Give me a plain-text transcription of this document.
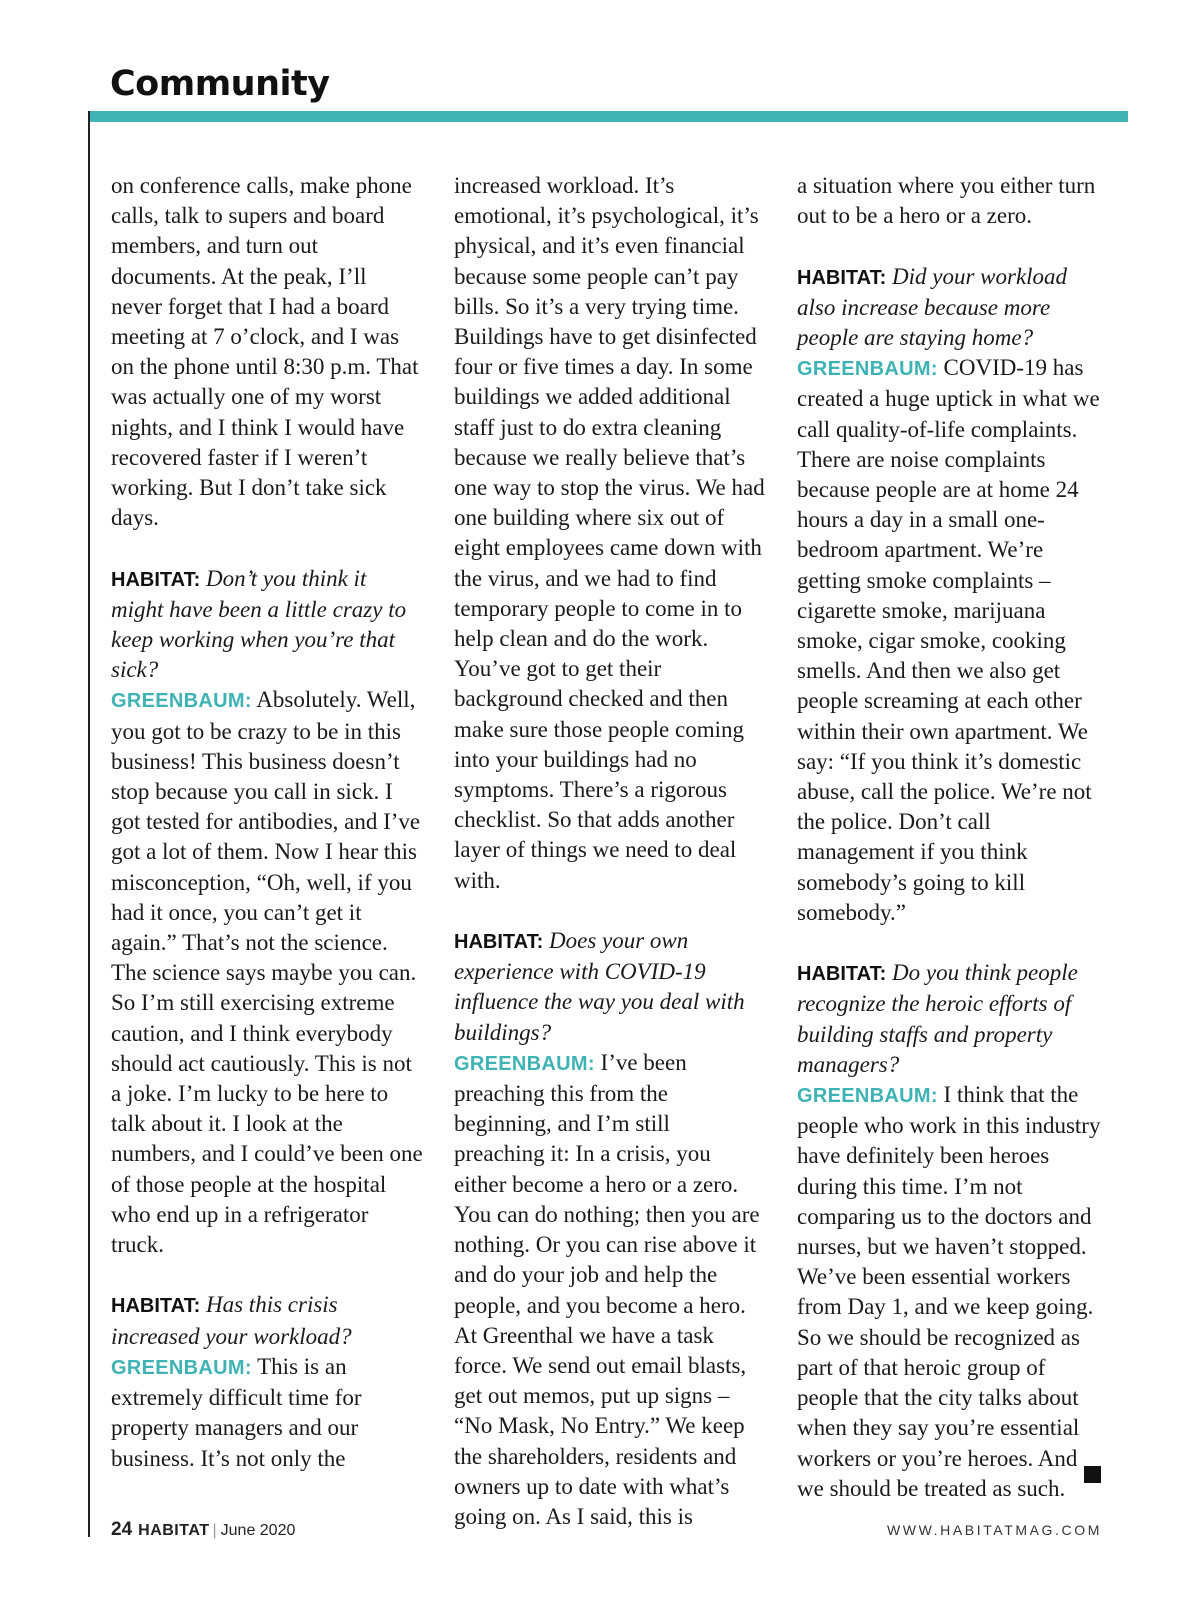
Community

on conference calls, make phone calls, talk to supers and board members, and turn out documents. At the peak, I’ll never forget that I had a board meeting at 7 o’clock, and I was on the phone until 8:30 p.m. That was actually one of my worst nights, and I think I would have recovered faster if I weren’t working. But I don’t take sick days.

HABITAT: Don’t you think it might have been a little crazy to keep working when you’re that sick?

GREENBAUM: Absolutely. Well, you got to be crazy to be in this business! This business doesn’t stop because you call in sick. I got tested for antibodies, and I’ve got a lot of them. Now I hear this misconception, “Oh, well, if you had it once, you can’t get it again.” That’s not the science. The science says maybe you can. So I’m still exercising extreme caution, and I think everybody should act cautiously. This is not a joke. I’m lucky to be here to talk about it. I look at the numbers, and I could’ve been one of those people at the hospital who end up in a refrigerator truck.

HABITAT: Has this crisis increased your workload?

GREENBAUM: This is an extremely difficult time for property managers and our business. It’s not only the

increased workload. It’s emotional, it’s psychological, it’s physical, and it’s even financial because some people can’t pay bills. So it’s a very trying time. Buildings have to get disinfected four or five times a day. In some buildings we added additional staff just to do extra cleaning because we really believe that’s one way to stop the virus. We had one building where six out of eight employees came down with the virus, and we had to find temporary people to come in to help clean and do the work. You’ve got to get their background checked and then make sure those people coming into your buildings had no symptoms. There’s a rigorous checklist. So that adds another layer of things we need to deal with.

HABITAT: Does your own experience with COVID-19 influence the way you deal with buildings?

GREENBAUM: I’ve been preaching this from the beginning, and I’m still preaching it: In a crisis, you either become a hero or a zero. You can do nothing; then you are nothing. Or you can rise above it and do your job and help the people, and you become a hero. At Greenthal we have a task force. We send out email blasts, get out memos, put up signs – “No Mask, No Entry.” We keep the shareholders, residents and owners up to date with what’s going on. As I said, this is

a situation where you either turn out to be a hero or a zero.

HABITAT: Did your workload also increase because more people are staying home?

GREENBAUM: COVID-19 has created a huge uptick in what we call quality-of-life complaints. There are noise complaints because people are at home 24 hours a day in a small one-bedroom apartment. We’re getting smoke complaints – cigarette smoke, marijuana smoke, cigar smoke, cooking smells. And then we also get people screaming at each other within their own apartment. We say: “If you think it’s domestic abuse, call the police. We’re not the police. Don’t call management if you think somebody’s going to kill somebody.”

HABITAT: Do you think people recognize the heroic efforts of building staffs and property managers?

GREENBAUM: I think that the people who work in this industry have definitely been heroes during this time. I’m not comparing us to the doctors and nurses, but we haven’t stopped. We’ve been essential workers from Day 1, and we keep going. So we should be recognized as part of that heroic group of people that the city talks about when they say you’re essential workers or you’re heroes. And we should be treated as such.

24 HABITAT | June 2020	WWW.HABITATMAG.COM
